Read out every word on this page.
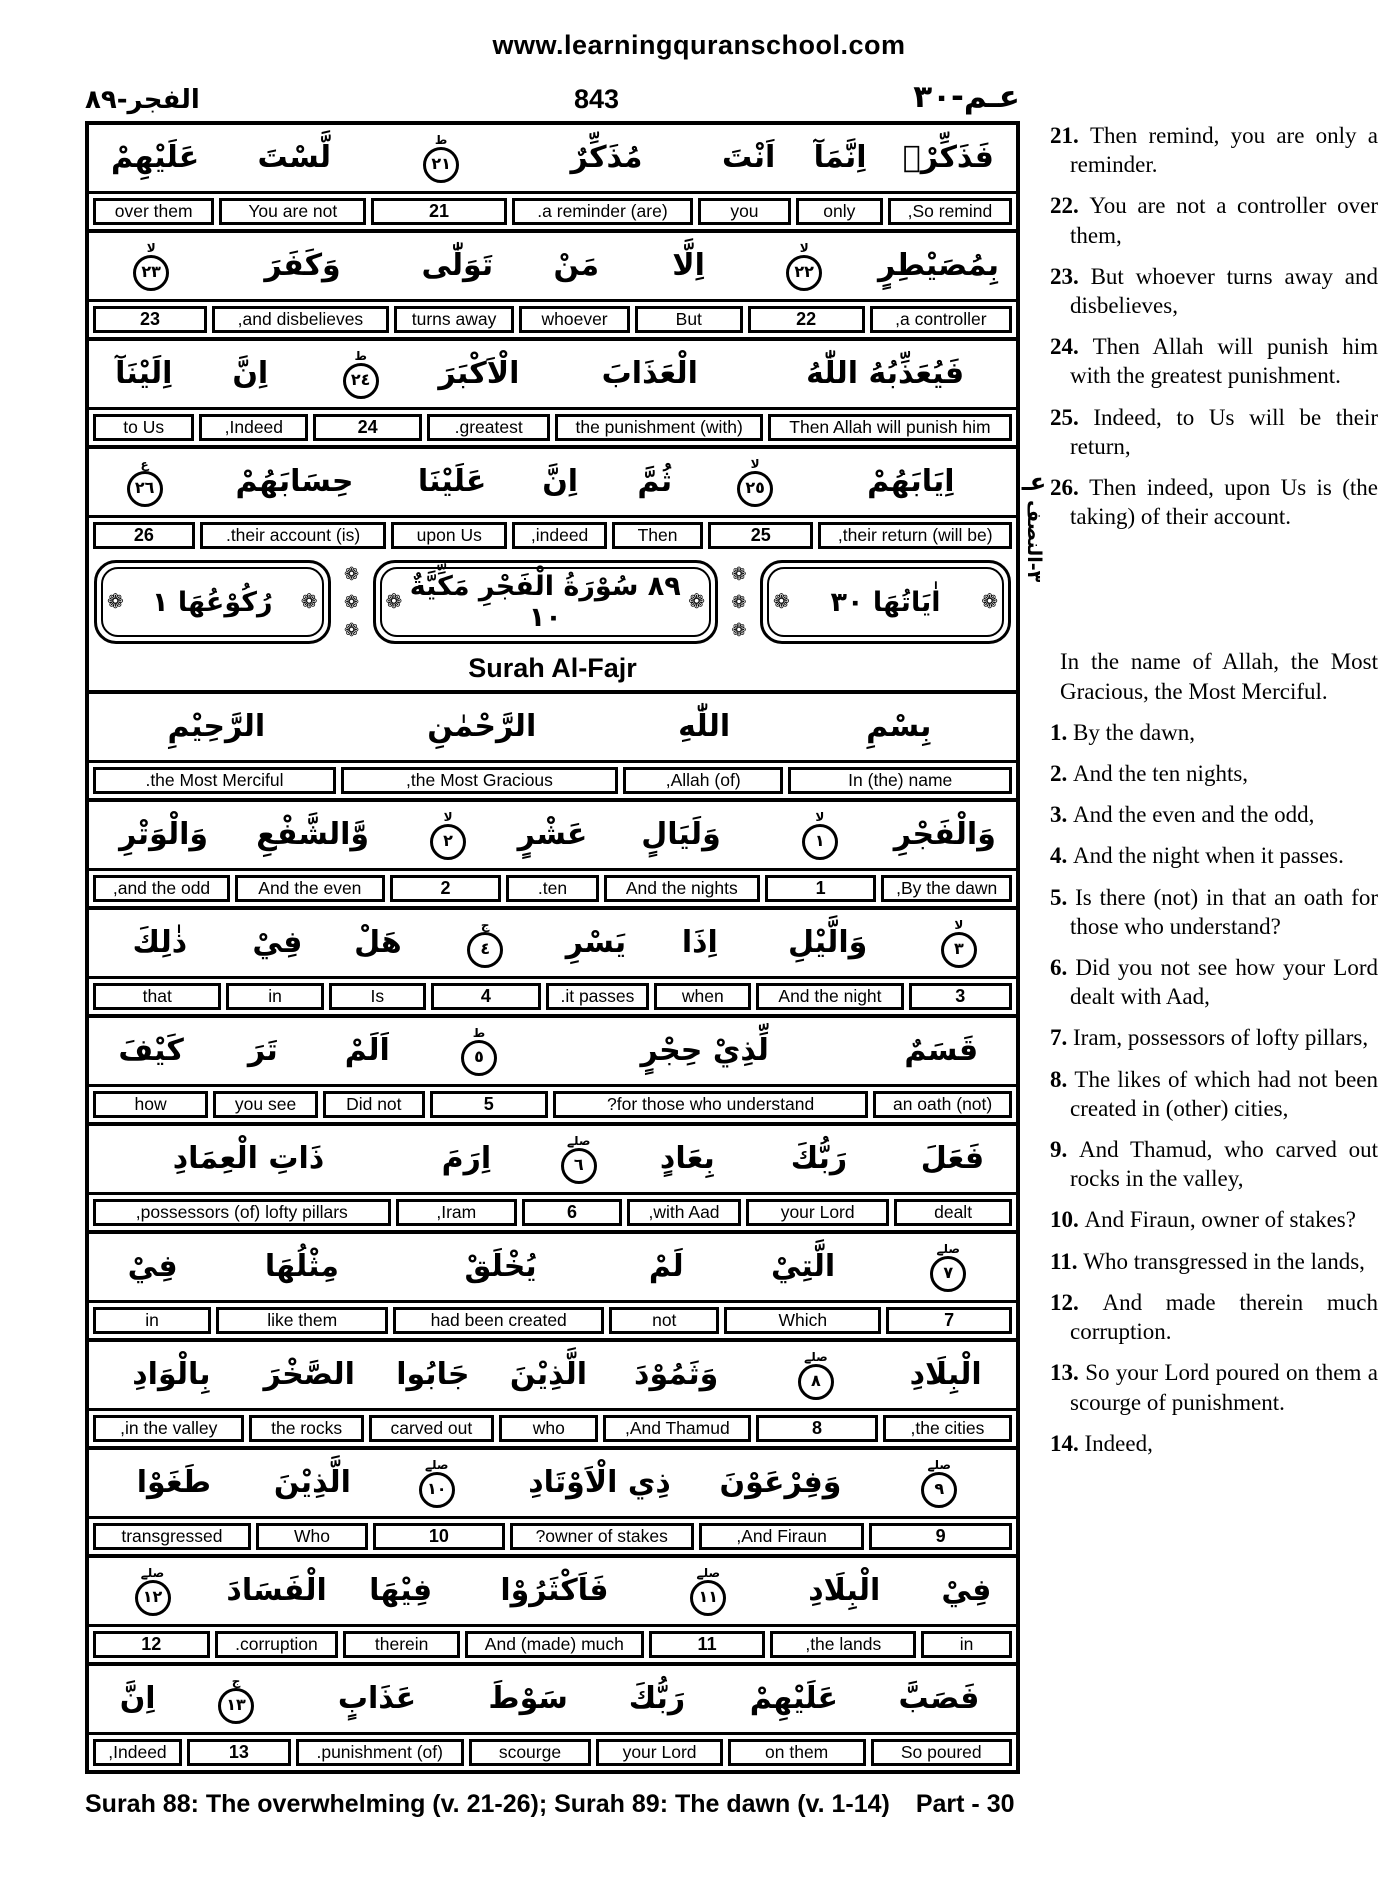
www.learningquranschool.com
الفجر-٨٩	843	عـم-٣٠
فَذَكِّرْۗ
اِنَّمَآ
اَنْتَ
مُذَكِّرٌ
ط
٢١
لَّسْتَ
عَلَيْهِمْ
So remind,
only
you
(are) a reminder.
21
You are not
over them
بِمُصَيْطِرٍ
لا
٢٢
اِلَّا
مَنْ
تَوَلّٰى
وَكَفَرَ
لا
٢٣
a controller,
22
But
whoever
turns away
and disbelieves,
23
فَيُعَذِّبُهُ اللّٰهُ
الْعَذَابَ
الْاَكْبَرَ
ط
٢٤
اِنَّ
اِلَيْنَآ
Then Allah will punish him
(with) the punishment
greatest.
24
Indeed,
to Us
اِيَابَهُمْ
لا
٢٥
ثُمَّ
اِنَّ
عَلَيْنَا
حِسَابَهُمْ
ع
٢٦
(will be) their return,
25
Then
indeed,
upon Us
(is) their account.
26
❁
اٰيَاتُهَا ٣٠
❁
❁
❁
❁
❁
٨٩ سُوْرَةُ الْفَجْرِ مَكِّيَّةٌ ١٠
❁
❁
❁
❁
❁
رُكُوْعُهَا ١
❁
Surah Al-Fajr
بِسْمِ
اللّٰهِ
الرَّحْمٰنِ
الرَّحِيْمِ
In (the) name
(of) Allah,
the Most Gracious,
the Most Merciful.
وَالْفَجْرِ
لا
١
وَلَيَالٍ
عَشْرٍ
لا
٢
وَّالشَّفْعِ
وَالْوَتْرِ
By the dawn,
1
And the nights
ten.
2
And the even
and the odd,
لا
٣
وَالَّيْلِ
اِذَا
يَسْرِ
ج
٤
هَلْ
فِيْ
ذٰلِكَ
3
And the night
when
it passes.
4
Is
in
that
قَسَمٌ
لِّذِيْ حِجْرٍ
ط
٥
اَلَمْ
تَرَ
كَيْفَ
(not) an oath
for those who understand?
5
Did not
you see
how
فَعَلَ
رَبُّكَ
بِعَادٍ
صلے
٦
اِرَمَ
ذَاتِ الْعِمَادِ
dealt
your Lord
with Aad,
6
Iram,
possessors (of) lofty pillars,
صلے
٧
الَّتِيْ
لَمْ
يُخْلَقْ
مِثْلُهَا
فِيْ
7
Which
not
had been created
like them
in
الْبِلَادِ
صلے
٨
وَثَمُوْدَ
الَّذِيْنَ
جَابُوا
الصَّخْرَ
بِالْوَادِ
the cities,
8
And Thamud,
who
carved out
the rocks
in the valley,
صلے
٩
وَفِرْعَوْنَ
ذِي الْاَوْتَادِ
صلے
١٠
الَّذِيْنَ
طَغَوْا
9
And Firaun,
owner of stakes?
10
Who
transgressed
فِيْ
الْبِلَادِ
صلے
١١
فَاَكْثَرُوْا
فِيْهَا
الْفَسَادَ
صلے
١٢
in
the lands,
11
And (made) much
therein
corruption.
12
فَصَبَّ
عَلَيْهِمْ
رَبُّكَ
سَوْطَ
عَذَابٍ
ج
١٣
اِنَّ
So poured
on them
your Lord
scourge
(of) punishment.
13
Indeed,

21. Then remind, you are only a reminder.

22. You are not a controller over them,

23. But whoever turns away and disbelieves,

24. Then Allah will punish him with the greatest punishment.

25. Indeed, to Us will be their return,

26. Then indeed, upon Us is (the taking) of their account.

In the name of Allah, the Most Gracious, the Most Merciful.

1. By the dawn,

2. And the ten nights,

3. And the even and the odd,

4. And the night when it passes.

5. Is there (not) in that an oath for those who understand?

6. Did you not see how your Lord dealt with Aad,

7. Iram, possessors of lofty pillars,

8. The likes of which had not been created in (other) cities,

9. And Thamud, who carved out rocks in the valley,

10. And Firaun, owner of stakes?

11. Who transgressed in the lands,

12. And made therein much corruption.

13. So your Lord poured on them a scourge of punishment.

14. Indeed,

عـ
٣-النصف
Surah 88: The overwhelming (v. 21-26); Surah 89: The dawn (v. 1-14) Part - 30
